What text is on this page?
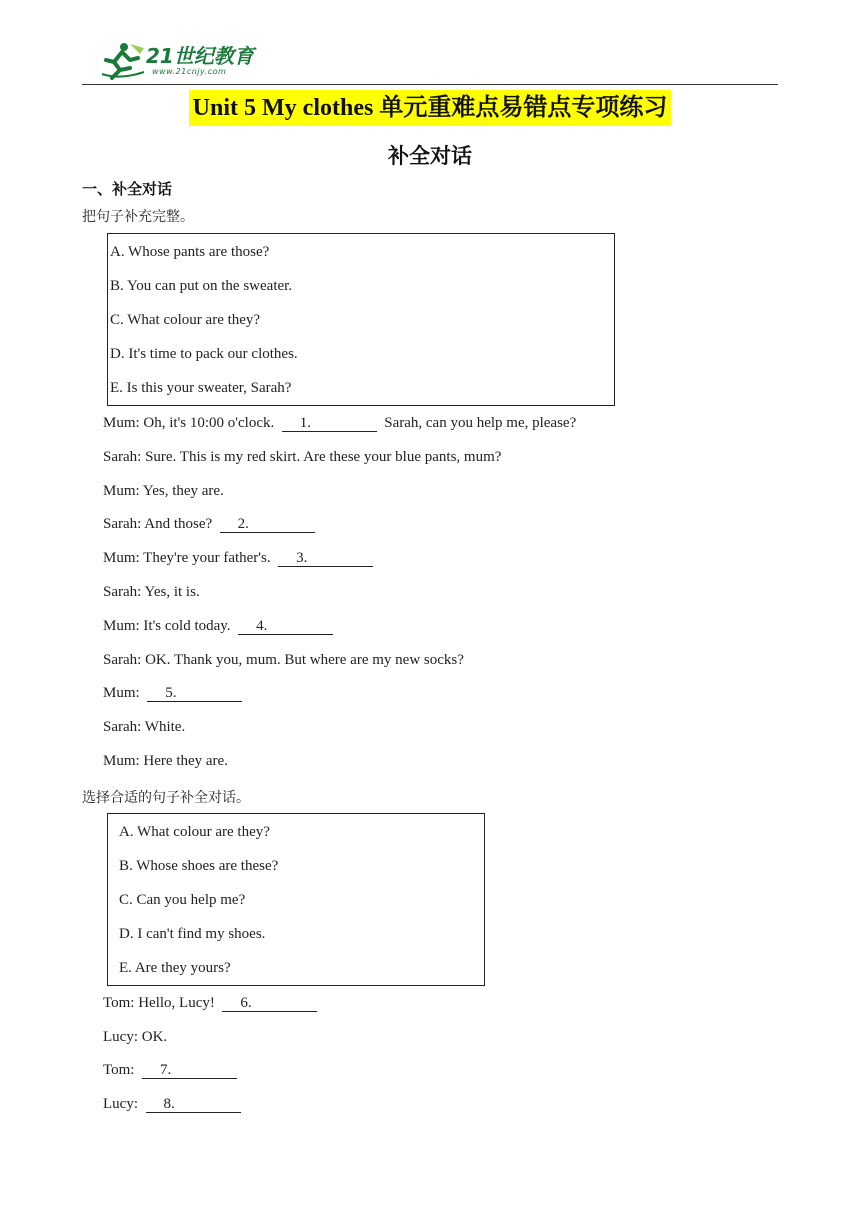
21世纪教育
www.21cnjy.com
Unit 5 My clothes 单元重难点易错点专项练习
补全对话
一、补全对话
把句子补充完整。
A. Whose pants are those?
B. You can put on the sweater.
C. What colour are they?
D. It's time to pack our clothes.
E. Is this your sweater, Sarah?
Mum: Oh, it's 10:00 o'clock.  1.	Sarah, can you help me, please?
Sarah: Sure. This is my red skirt. Are these your blue pants, mum?
Mum: Yes, they are.
Sarah: And those?  2.
Mum: They're your father's.  3.
Sarah: Yes, it is.
Mum: It's cold today.  4.
Sarah: OK. Thank you, mum. But where are my new socks?
Mum:  5.
Sarah: White.
Mum: Here they are.
选择合适的句子补全对话。
A. What colour are they?
B. Whose shoes are these?
C. Can you help me?
D. I can't find my shoes.
E. Are they yours?
Tom: Hello, Lucy!  6.
Lucy: OK.
Tom:  7.
Lucy:  8.
